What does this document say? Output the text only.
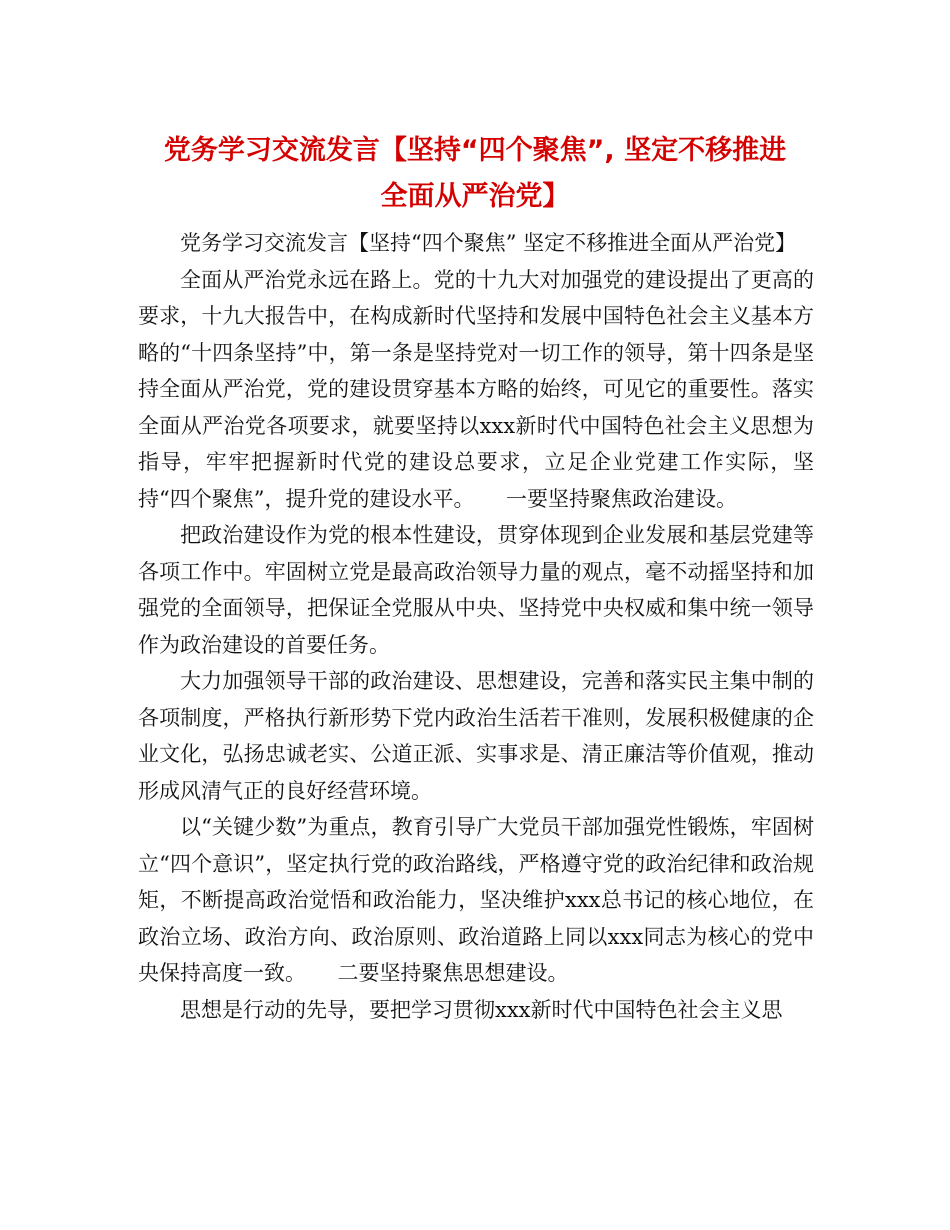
党务学习交流发言【坚持“四个聚焦”, 坚定不移推进
全面从严治党】

党务学习交流发言【坚持“四个聚焦” 坚定不移推进全面从严治党】

全面从严治党永远在路上。党的十九大对加强党的建设提出了更高的要求，十九大报告中，在构成新时代坚持和发展中国特色社会主义基本方略的“十四条坚持”中，第一条是坚持党对一切工作的领导，第十四条是坚持全面从严治党，党的建设贯穿基本方略的始终，可见它的重要性。落实全面从严治党各项要求，就要坚持以xxx新时代中国特色社会主义思想为指导，牢牢把握新时代党的建设总要求，立足企业党建工作实际，坚持“四个聚焦”，提升党的建设水平。　　一要坚持聚焦政治建设。

把政治建设作为党的根本性建设，贯穿体现到企业发展和基层党建等各项工作中。牢固树立党是最高政治领导力量的观点，毫不动摇坚持和加强党的全面领导，把保证全党服从中央、坚持党中央权威和集中统一领导作为政治建设的首要任务。

大力加强领导干部的政治建设、思想建设，完善和落实民主集中制的各项制度，严格执行新形势下党内政治生活若干准则，发展积极健康的企业文化，弘扬忠诚老实、公道正派、实事求是、清正廉洁等价值观，推动形成风清气正的良好经营环境。

以“关键少数”为重点，教育引导广大党员干部加强党性锻炼，牢固树立“四个意识”，坚定执行党的政治路线，严格遵守党的政治纪律和政治规矩，不断提高政治觉悟和政治能力，坚决维护xxx总书记的核心地位，在政治立场、政治方向、政治原则、政治道路上同以xxx同志为核心的党中央保持高度一致。　　二要坚持聚焦思想建设。

思想是行动的先导，要把学习贯彻xxx新时代中国特色社会主义思
